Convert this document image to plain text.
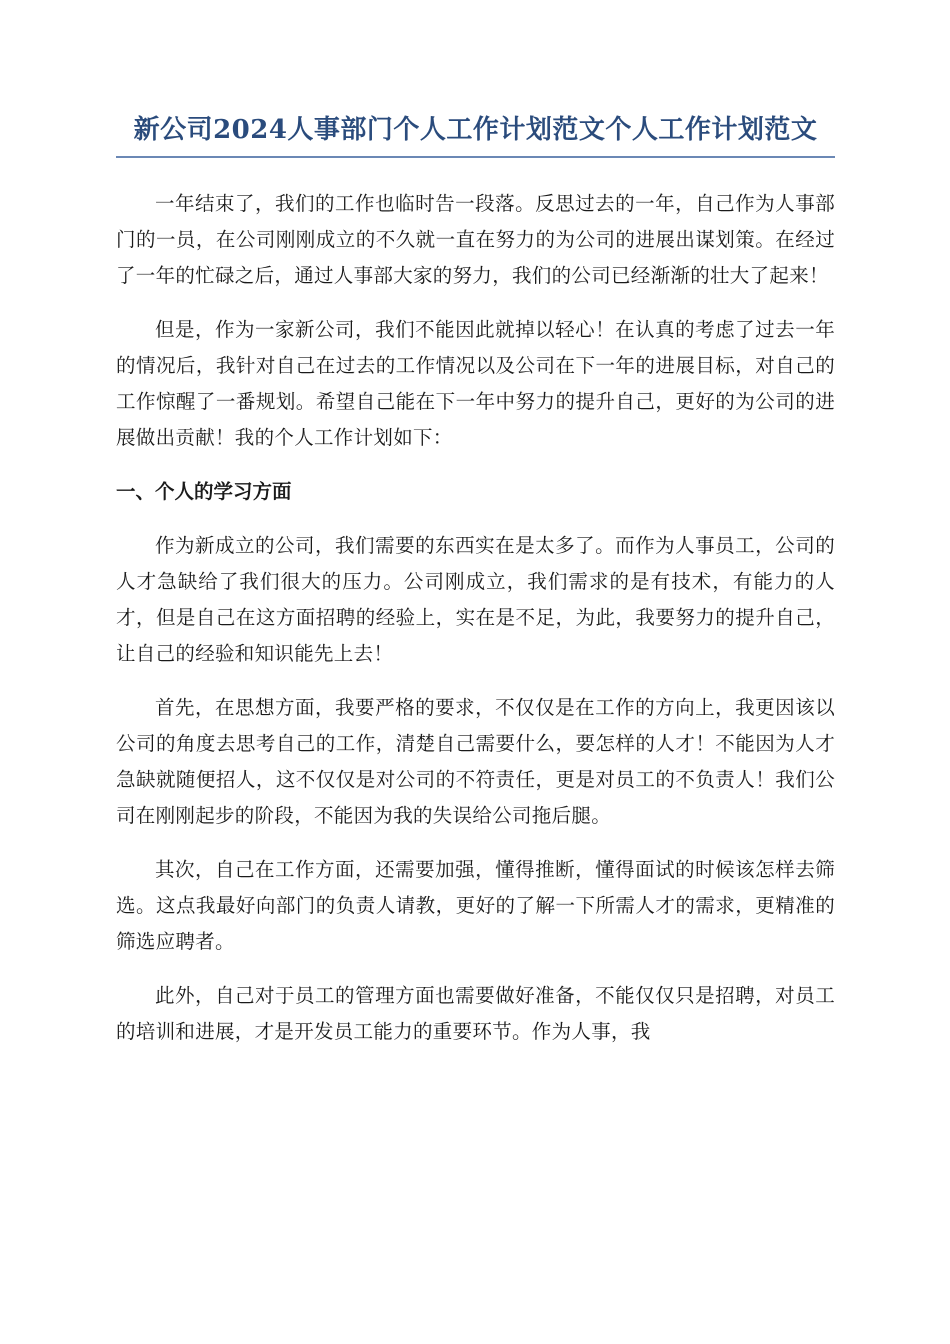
新公司2024人事部门个人工作计划范文个人工作计划范文

一年结束了，我们的工作也临时告一段落。反思过去的一年，自己作为人事部门的一员，在公司刚刚成立的不久就一直在努力的为公司的进展出谋划策。在经过了一年的忙碌之后，通过人事部大家的努力，我们的公司已经渐渐的壮大了起来！

但是，作为一家新公司，我们不能因此就掉以轻心！在认真的考虑了过去一年的情况后，我针对自己在过去的工作情况以及公司在下一年的进展目标，对自己的工作惊醒了一番规划。希望自己能在下一年中努力的提升自己，更好的为公司的进展做出贡献！我的个人工作计划如下：

一、个人的学习方面

作为新成立的公司，我们需要的东西实在是太多了。而作为人事员工，公司的人才急缺给了我们很大的压力。公司刚成立，我们需求的是有技术，有能力的人才，但是自己在这方面招聘的经验上，实在是不足，为此，我要努力的提升自己，让自己的经验和知识能先上去！

首先，在思想方面，我要严格的要求，不仅仅是在工作的方向上，我更因该以公司的角度去思考自己的工作，清楚自己需要什么，要怎样的人才！不能因为人才急缺就随便招人，这不仅仅是对公司的不符责任，更是对员工的不负责人！我们公司在刚刚起步的阶段，不能因为我的失误给公司拖后腿。

其次，自己在工作方面，还需要加强，懂得推断，懂得面试的时候该怎样去筛选。这点我最好向部门的负责人请教，更好的了解一下所需人才的需求，更精准的筛选应聘者。

此外，自己对于员工的管理方面也需要做好准备，不能仅仅只是招聘，对员工的培训和进展，才是开发员工能力的重要环节。作为人事，我
